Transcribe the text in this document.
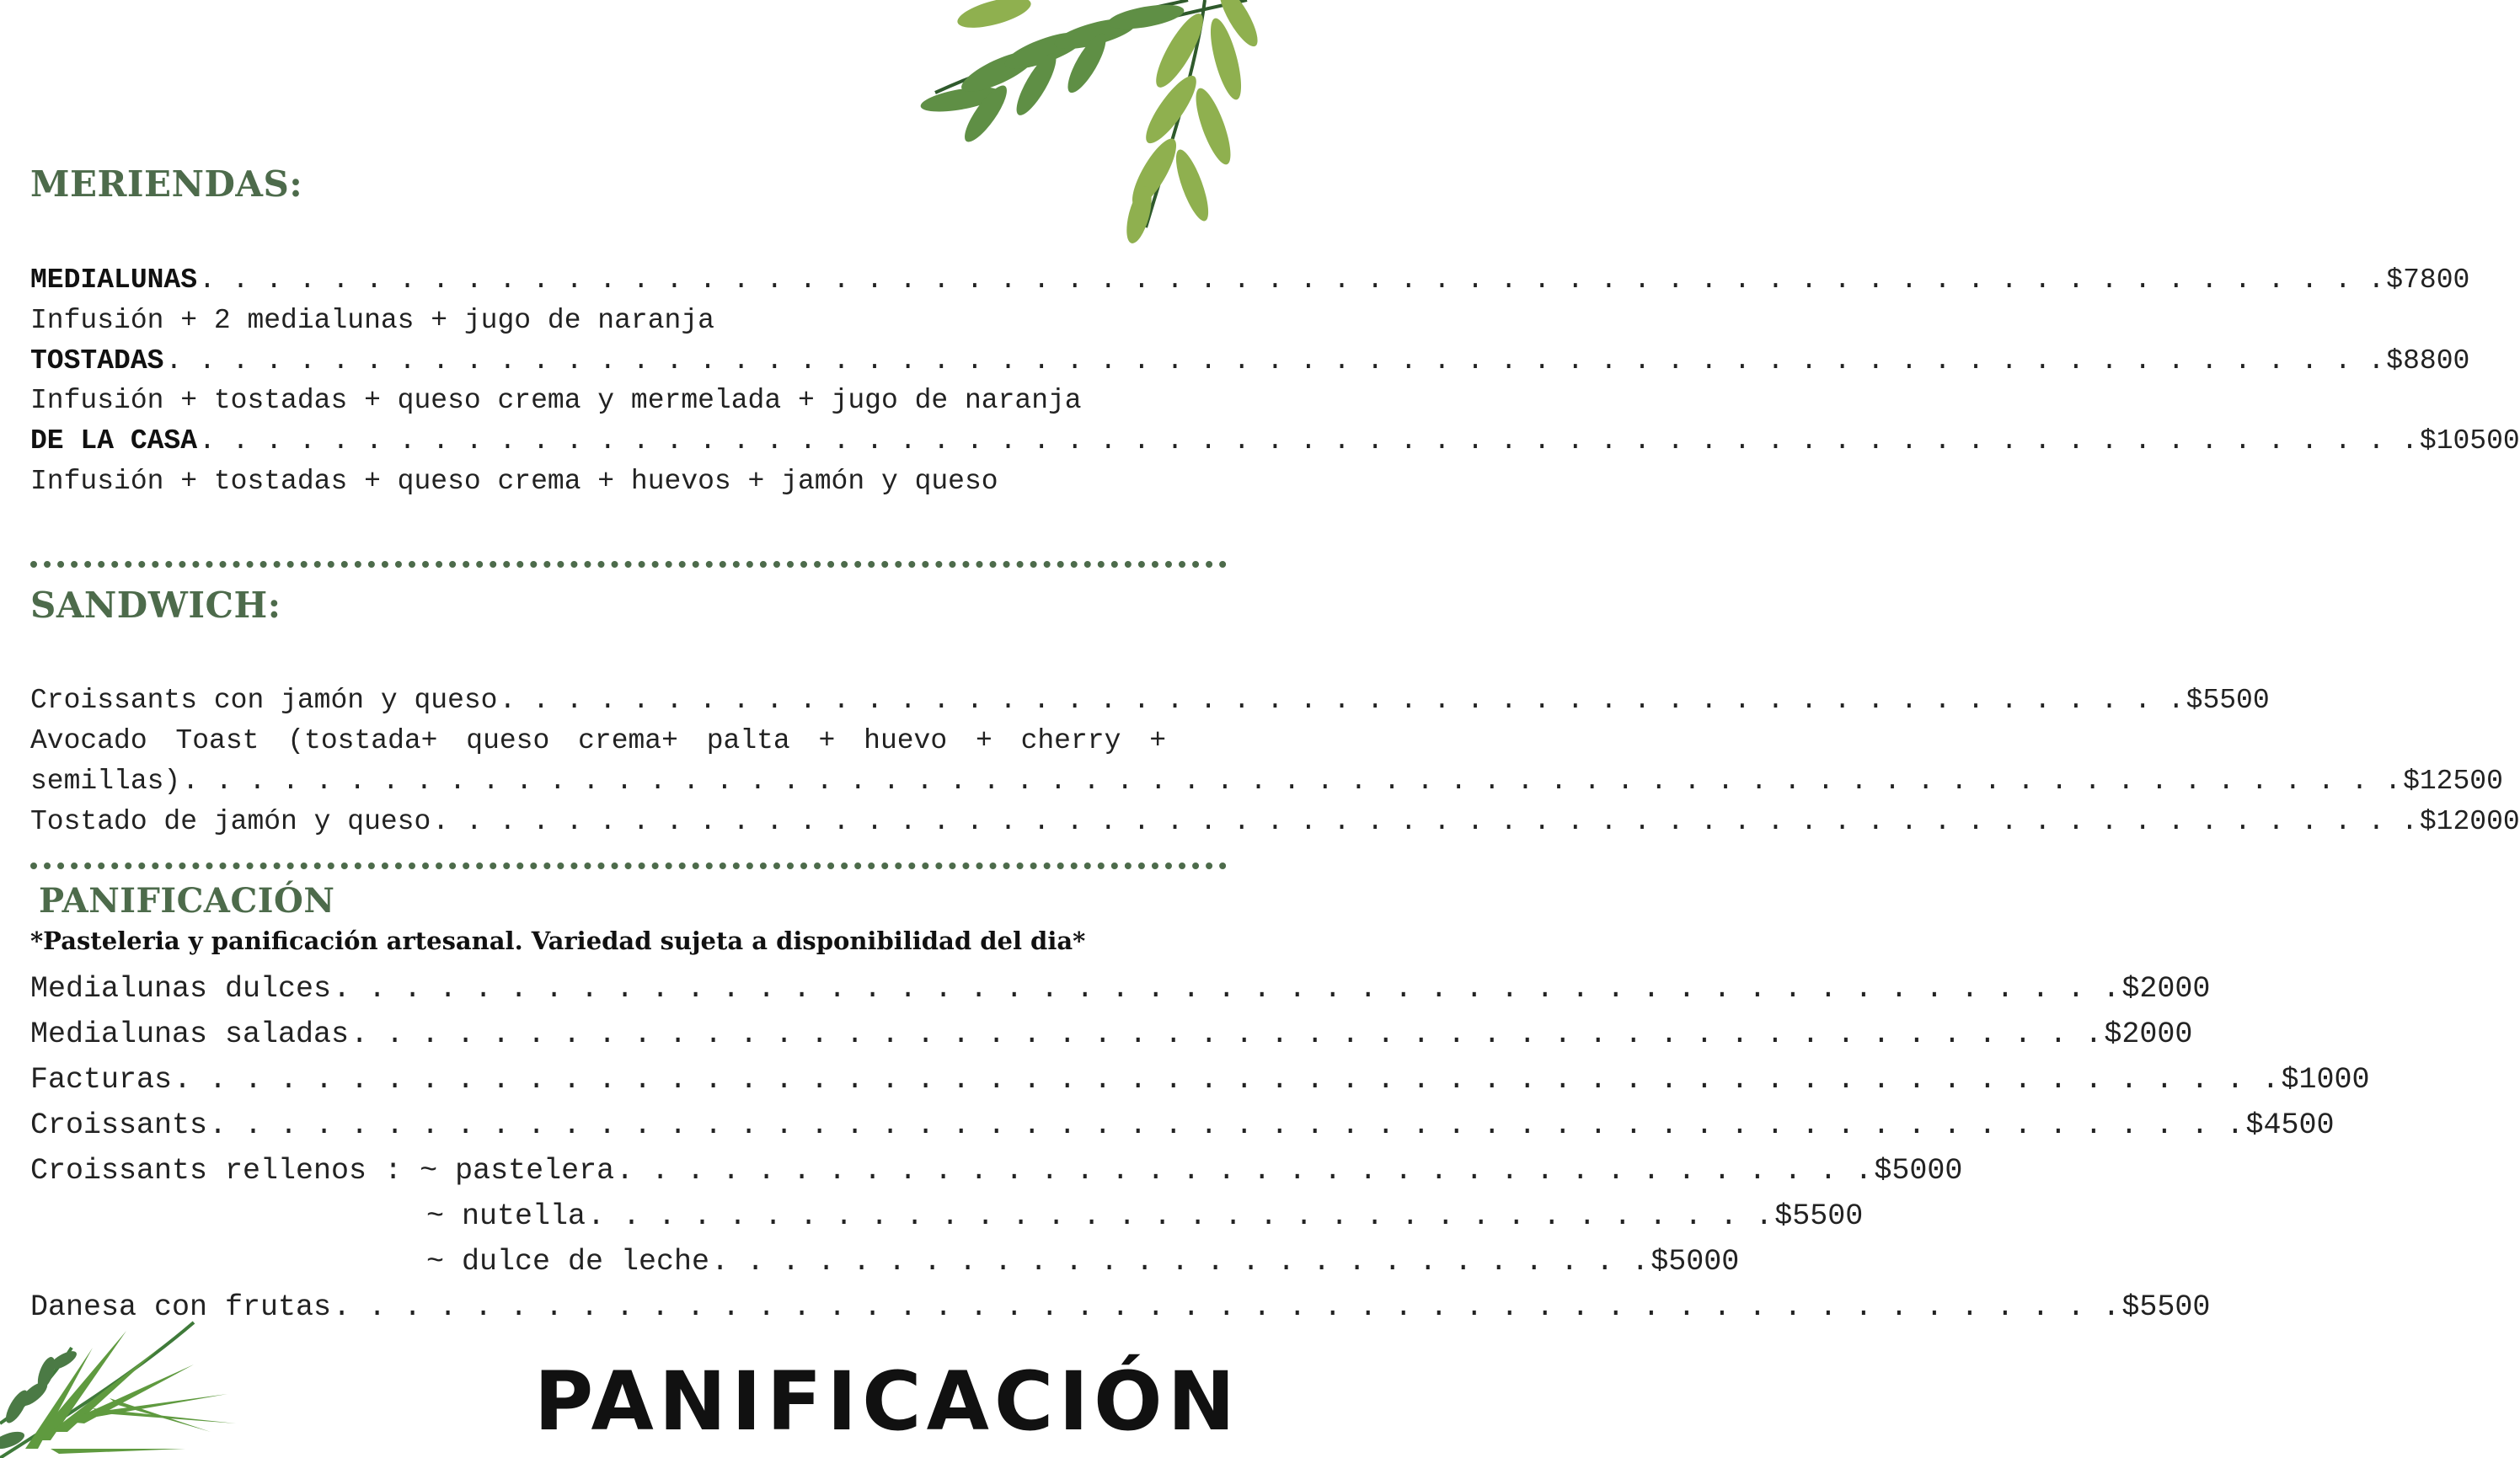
MERIENDAS:
MEDIALUNAS . . . . . . . . . . . . . . . . . . . . . . . . . . . . . . . . . . . . . . . . . . . . . . . . . . . . . . . . . . . . . . . . . . $7800
Infusión + 2 medialunas + jugo de naranja
TOSTADAS . . . . . . . . . . . . . . . . . . . . . . . . . . . . . . . . . . . . . . . . . . . . . . . . . . . . . . . . . . . . . . . . . . . $8800
Infusión + tostadas + queso crema y mermelada + jugo de naranja
DE LA CASA . . . . . . . . . . . . . . . . . . . . . . . . . . . . . . . . . . . . . . . . . . . . . . . . . . . . . . . . . . . . . . . . . . . $10500
Infusión + tostadas + queso crema + huevos + jamón y queso
SANDWICH:
Croissants con jamón y queso . . . . . . . . . . . . . . . . . . . . . . . . . . . . . . . . . . . . . . . . . . . . . . . . . . . $5500
Avocado Toast (tostada+ queso crema+ palta + huevo + cherry +
semillas) . . . . . . . . . . . . . . . . . . . . . . . . . . . . . . . . . . . . . . . . . . . . . . . . . . . . . . . . . . . . . . . . . . . $12500
Tostado de jamón y queso . . . . . . . . . . . . . . . . . . . . . . . . . . . . . . . . . . . . . . . . . . . . . . . . . . . . . . . . . . . . $12000
PANIFICACIÓN
*Pasteleria y panificación artesanal. Variedad sujeta a disponibilidad del dia*
Medialunas dulces . . . . . . . . . . . . . . . . . . . . . . . . . . . . . . . . . . . . . . . . . . . . . . . . . . . $2000
Medialunas saladas . . . . . . . . . . . . . . . . . . . . . . . . . . . . . . . . . . . . . . . . . . . . . . . . . . $2000
Facturas . . . . . . . . . . . . . . . . . . . . . . . . . . . . . . . . . . . . . . . . . . . . . . . . . . . . . . . . . . . . $1000
Croissants . . . . . . . . . . . . . . . . . . . . . . . . . . . . . . . . . . . . . . . . . . . . . . . . . . . . . . . . . . $4500
Croissants rellenos : ~ pastelera . . . . . . . . . . . . . . . . . . . . . . . . . . . . . . . . . . . . $5000
~ nutella . . . . . . . . . . . . . . . . . . . . . . . . . . . . . . . . . . $5500
~ dulce de leche . . . . . . . . . . . . . . . . . . . . . . . . . . . $5000
Danesa con frutas . . . . . . . . . . . . . . . . . . . . . . . . . . . . . . . . . . . . . . . . . . . . . . . . . . . $5500
PANIFICACIÓN
